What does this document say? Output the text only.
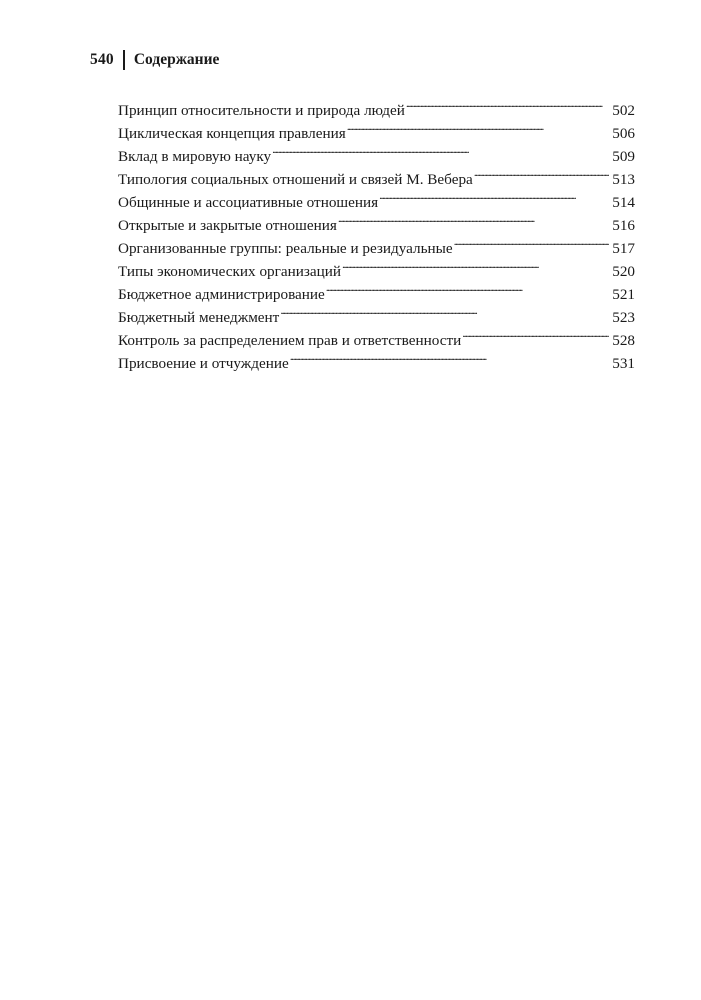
540 Содержание
Принцип относительности и природа людей . . .	502
Циклическая концепция правления . . .	506
Вклад в мировую науку . . .	509
Типология социальных отношений и связей М. Вебера . . .	513
Общинные и ассоциативные отношения . . .	514
Открытые и закрытые отношения . . .	516
Организованные группы: реальные и резидуальные . . .	517
Типы экономических организаций . . .	520
Бюджетное администрирование . . .	521
Бюджетный менеджмент . . .	523
Контроль за распределением прав и ответственности . . .	528
Присвоение и отчуждение . . .	531
